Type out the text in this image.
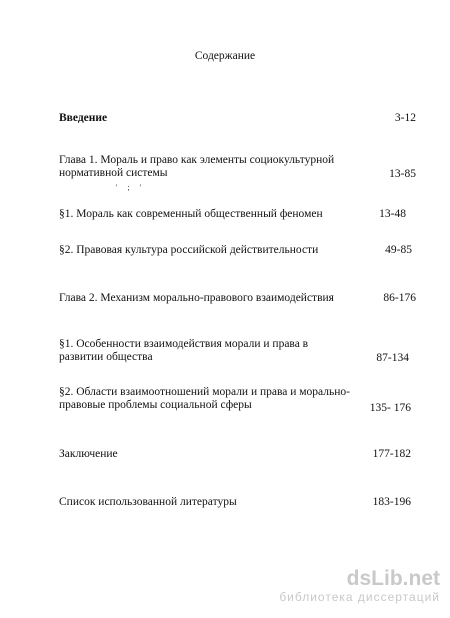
Содержание
Введение	3-12
Глава 1. Мораль и право как элементы социокультурной нормативной системы	13-85
' ; '
§1. Мораль как современный общественный феномен	13-48
§2. Правовая культура российской действительности	49-85
Глава 2. Механизм морально-правового взаимодействия	86-176
§1. Особенности взаимодействия морали и права в развитии общества	87-134
§2. Области взаимоотношений морали и права и морально-правовые проблемы социальной сферы	135- 176
Заключение	177-182
Список использованной литературы	183-196
dsLib.net
библиотека диссертаций
